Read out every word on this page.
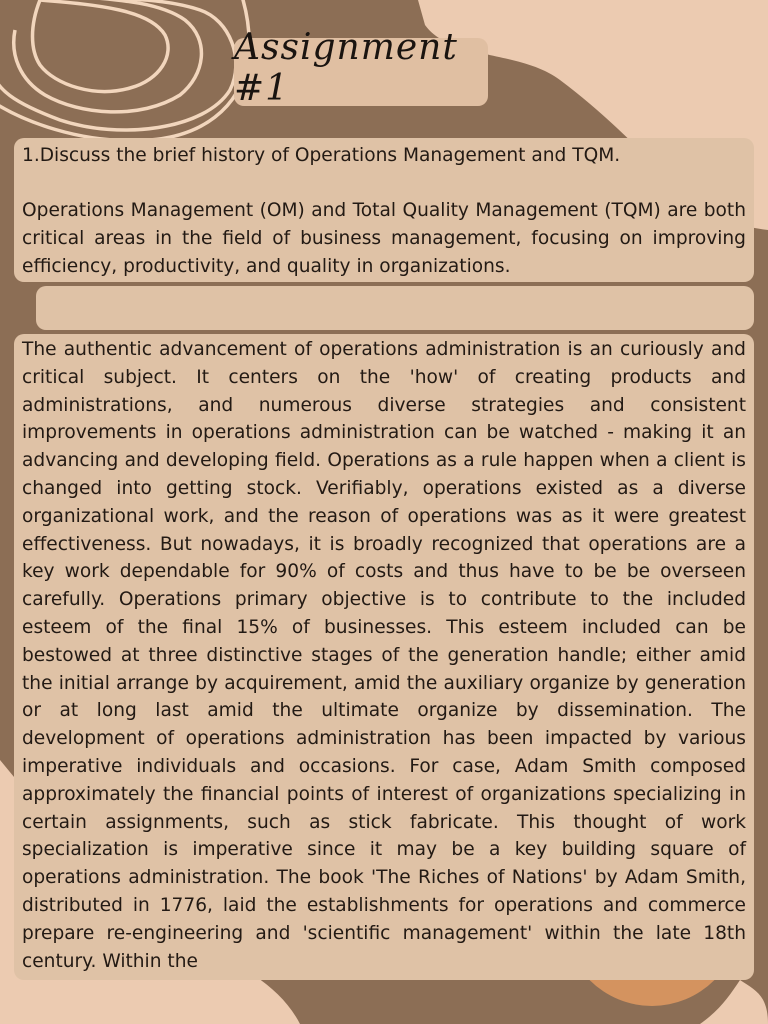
Assignment #1

1.Discuss the brief history of Operations Management and TQM.

Operations Management (OM) and Total Quality Management (TQM) are both critical areas in the field of business management, focusing on improving efficiency, productivity, and quality in organizations.

The authentic advancement of operations administration is an curiously and critical subject. It centers on the 'how' of creating products and administrations, and numerous diverse strategies and consistent improvements in operations administration can be watched - making it an advancing and developing field. Operations as a rule happen when a client is changed into getting stock. Verifiably, operations existed as a diverse organizational work, and the reason of operations was as it were greatest effectiveness. But nowadays, it is broadly recognized that operations are a key work dependable for 90% of costs and thus have to be be overseen carefully. Operations primary objective is to contribute to the included esteem of the final 15% of businesses. This esteem included can be bestowed at three distinctive stages of the generation handle; either amid the initial arrange by acquirement, amid the auxiliary organize by generation or at long last amid the ultimate organize by dissemination. The development of operations administration has been impacted by various imperative individuals and occasions. For case, Adam Smith composed approximately the financial points of interest of organizations specializing in certain assignments, such as stick fabricate. This thought of work specialization is imperative since it may be a key building square of operations administration. The book 'The Riches of Nations' by Adam Smith, distributed in 1776, laid the establishments for operations and commerce prepare re-engineering and 'scientific management' within the late 18th century. Within the
